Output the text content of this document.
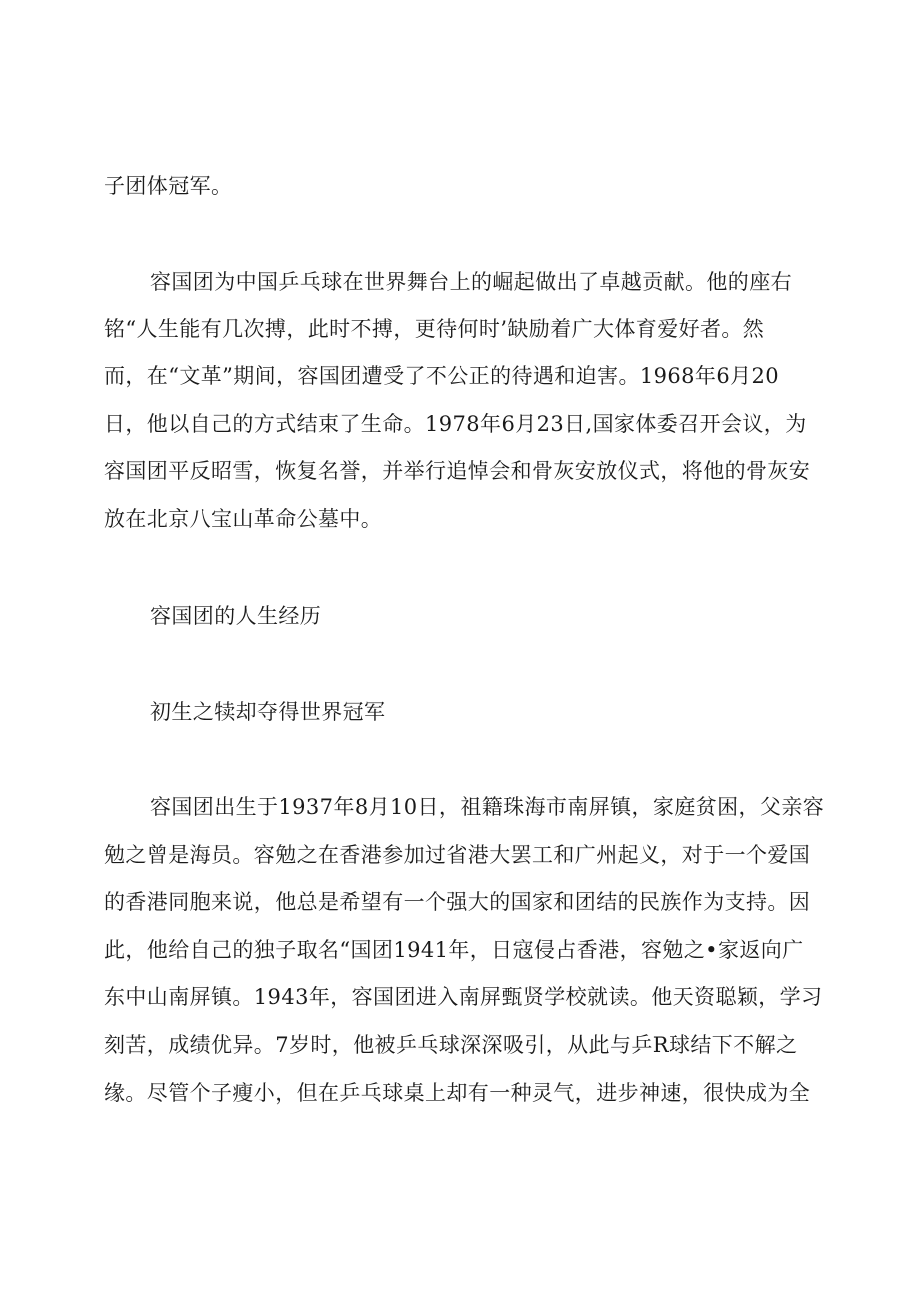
子团体冠军。
容国团为中国乒乓球在世界舞台上的崛起做出了卓越贡献。他的座右
铭“人生能有几次搏，此时不搏，更待何时’缺励着广大体育爱好者。然
而，在“文革”期间，容国团遭受了不公正的待遇和迫害。1968年6月20
日，他以自己的方式结束了生命。1978年6月23日,国家体委召开会议，为
容国团平反昭雪，恢复名誉，并举行追悼会和骨灰安放仪式，将他的骨灰安
放在北京八宝山革命公墓中。
容国团的人生经历
初生之犊却夺得世界冠军
容国团出生于1937年8月10日，祖籍珠海市南屏镇，家庭贫困，父亲容
勉之曾是海员。容勉之在香港参加过省港大罢工和广州起义，对于一个爱国
的香港同胞来说，他总是希望有一个强大的国家和团结的民族作为支持。因
此，他给自己的独子取名“国团1941年，日寇侵占香港，容勉之•家返向广
东中山南屏镇。1943年，容国团进入南屏甄贤学校就读。他天资聪颖，学习
刻苦，成绩优异。7岁时，他被乒乓球深深吸引，从此与乒R球结下不解之
缘。尽管个子瘦小，但在乒乓球桌上却有一种灵气，进步神速，很快成为全
